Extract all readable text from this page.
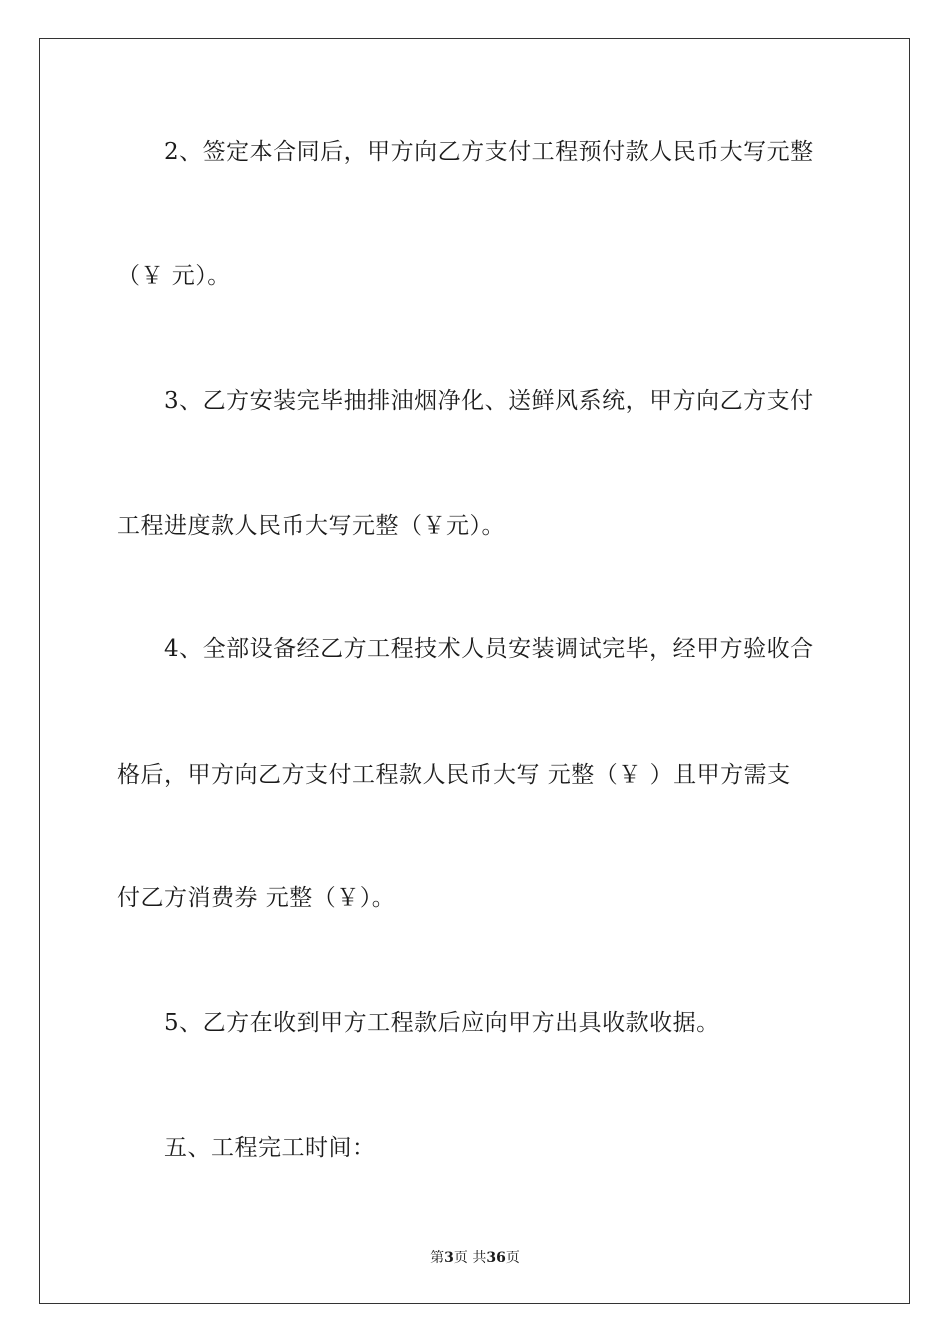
2、签定本合同后，甲方向乙方支付工程预付款人民币大写元整
（￥ 元）。
3、乙方安装完毕抽排油烟净化、送鲜风系统，甲方向乙方支付
工程进度款人民币大写元整（￥元）。
4、全部设备经乙方工程技术人员安装调试完毕，经甲方验收合
格后，甲方向乙方支付工程款人民币大写 元整（￥ ）且甲方需支
付乙方消费券 元整（￥）。
5、乙方在收到甲方工程款后应向甲方出具收款收据。
五、工程完工时间：
第3页 共36页
